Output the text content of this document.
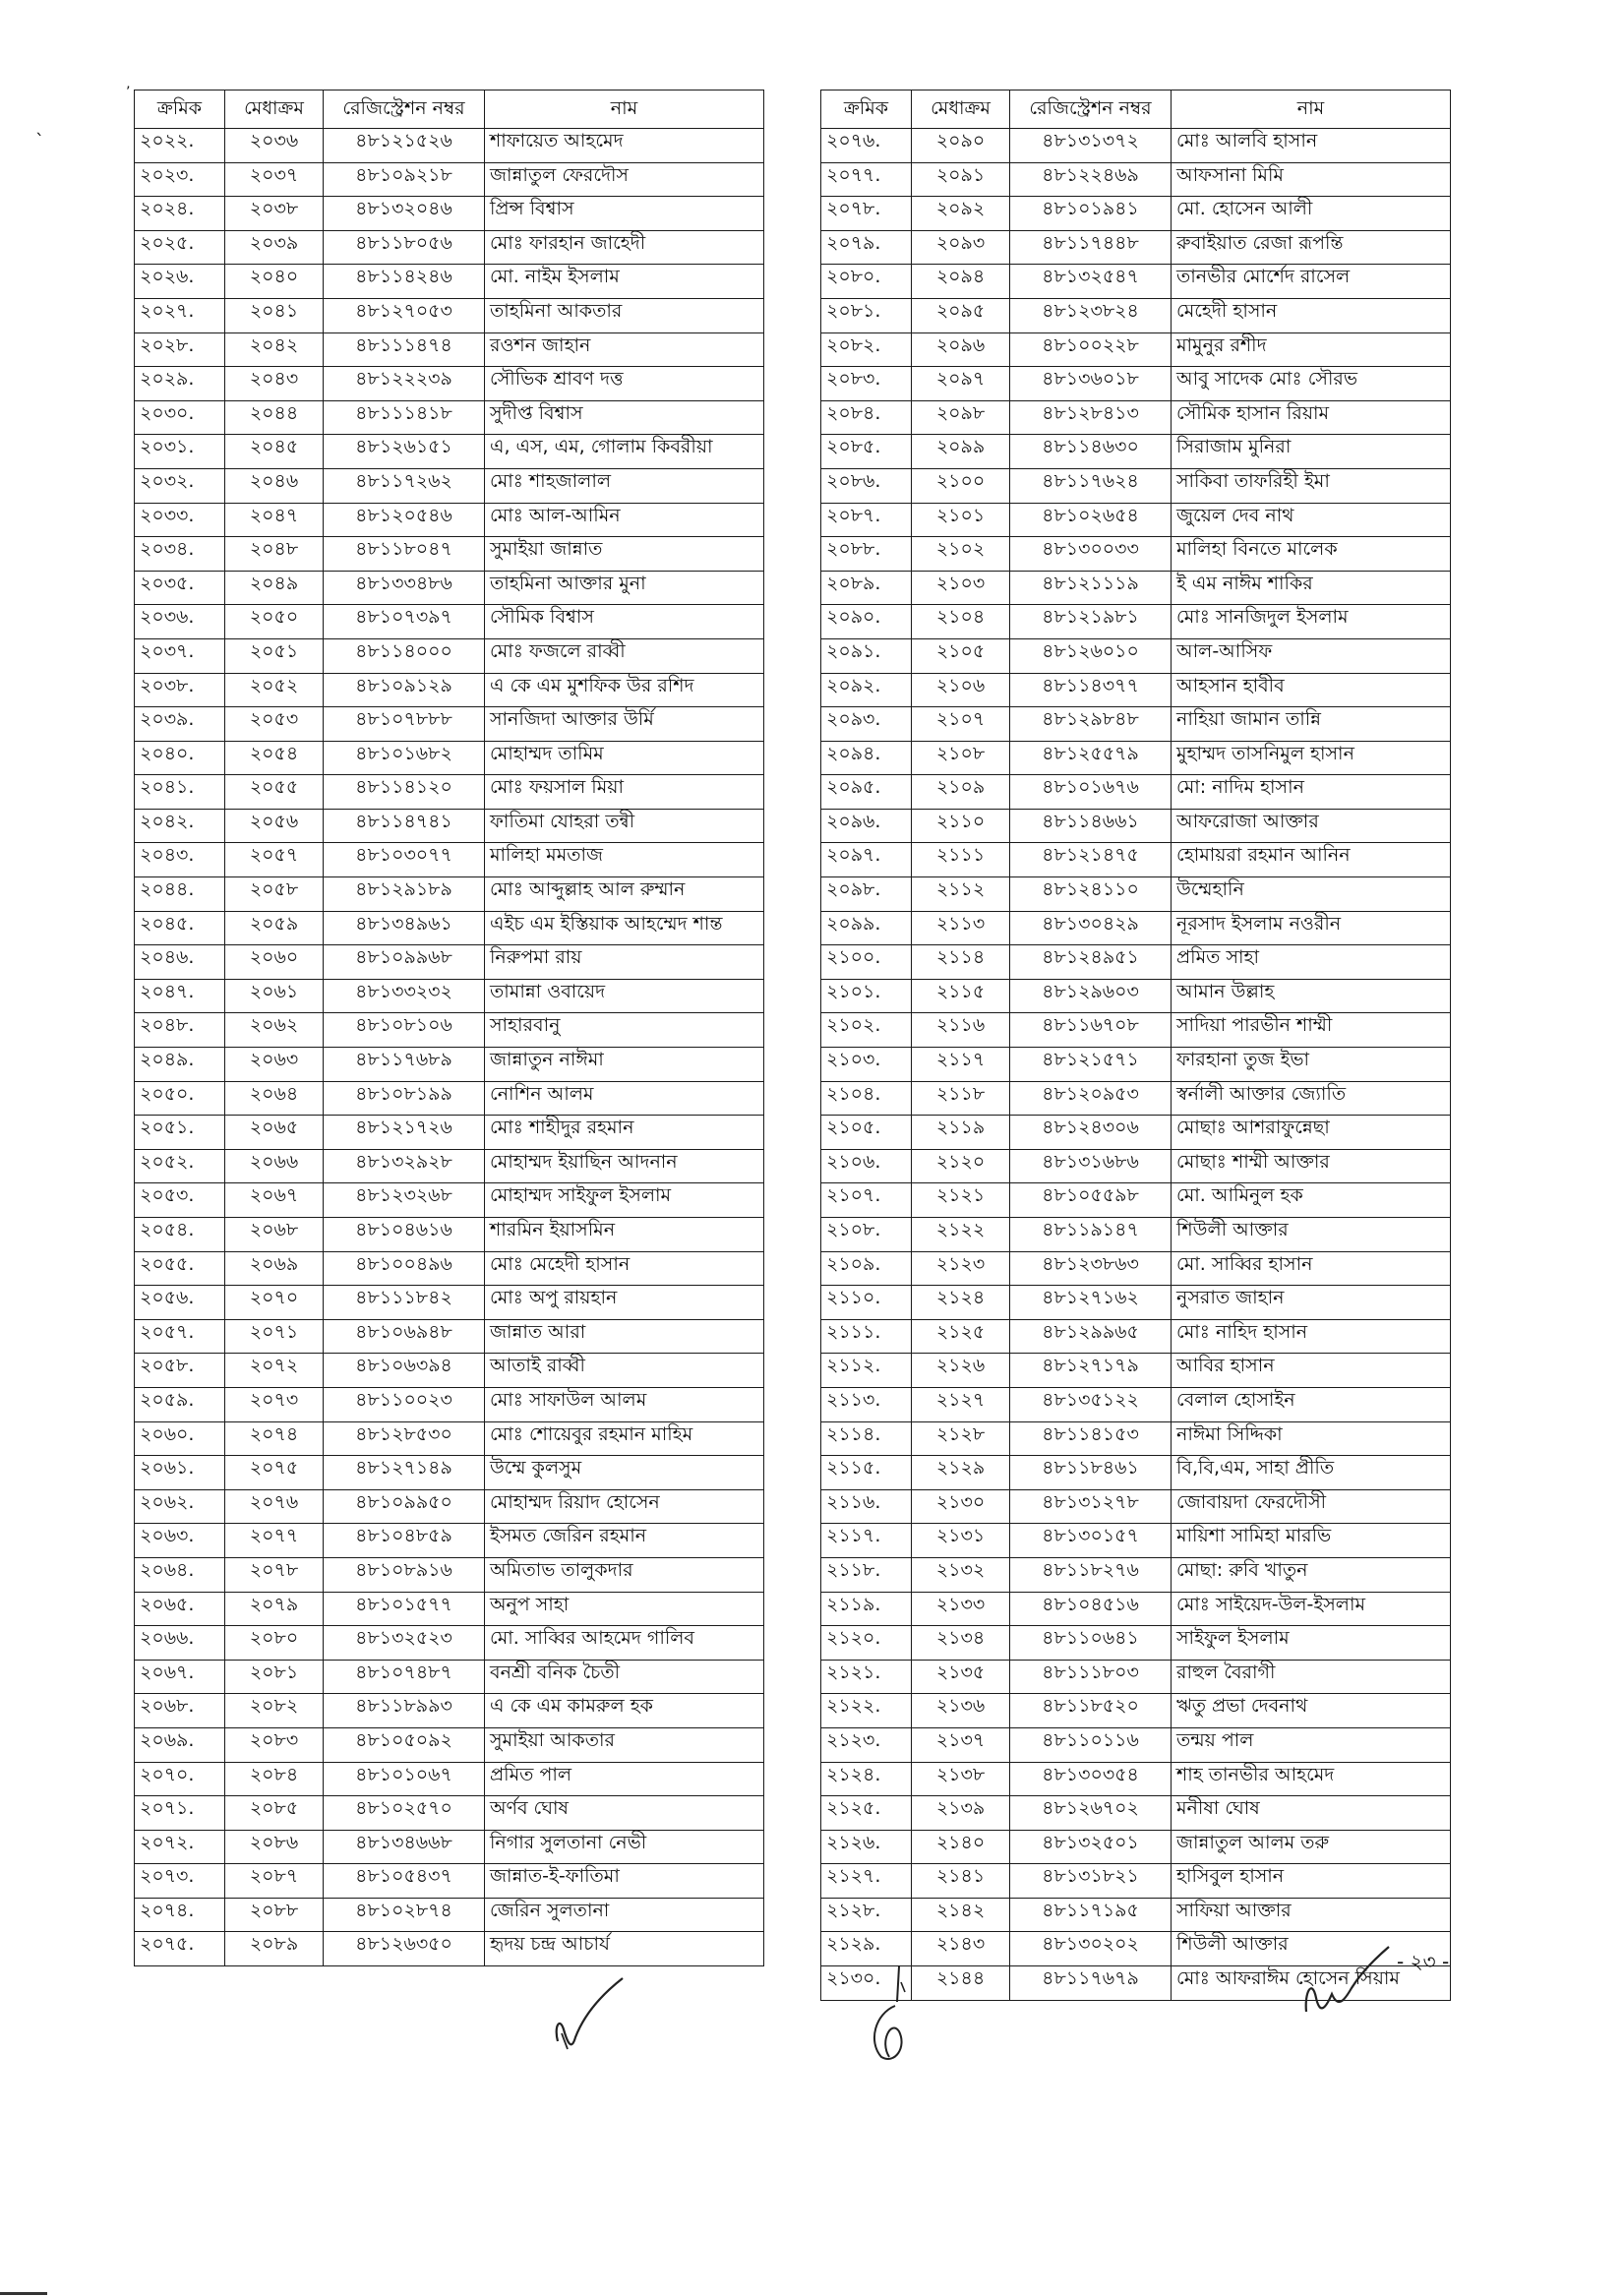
’
ˎ
ক্রমিক	মেধাক্রম	রেজিস্ট্রেশন নম্বর	নাম
২০২২.	২০৩৬	৪৮১২১৫২৬	শাফায়েত আহমেদ
২০২৩.	২০৩৭	৪৮১০৯২১৮	জান্নাতুল ফেরদৌস
২০২৪.	২০৩৮	৪৮১৩২০৪৬	প্রিন্স বিশ্বাস
২০২৫.	২০৩৯	৪৮১১৮০৫৬	মোঃ ফারহান জাহেদী
২০২৬.	২০৪০	৪৮১১৪২৪৬	মো. নাইম ইসলাম
২০২৭.	২০৪১	৪৮১২৭০৫৩	তাহমিনা আকতার
২০২৮.	২০৪২	৪৮১১১৪৭৪	রওশন জাহান
২০২৯.	২০৪৩	৪৮১২২২৩৯	সৌভিক শ্রাবণ দত্ত
২০৩০.	২০৪৪	৪৮১১১৪১৮	সুদীপ্ত বিশ্বাস
২০৩১.	২০৪৫	৪৮১২৬১৫১	এ, এস, এম, গোলাম কিবরীয়া
২০৩২.	২০৪৬	৪৮১১৭২৬২	মোঃ শাহজালাল
২০৩৩.	২০৪৭	৪৮১২০৫৪৬	মোঃ আল-আমিন
২০৩৪.	২০৪৮	৪৮১১৮০৪৭	সুমাইয়া জান্নাত
২০৩৫.	২০৪৯	৪৮১৩৩৪৮৬	তাহমিনা আক্তার মুনা
২০৩৬.	২০৫০	৪৮১০৭৩৯৭	সৌমিক বিশ্বাস
২০৩৭.	২০৫১	৪৮১১৪০০০	মোঃ ফজলে রাব্বী
২০৩৮.	২০৫২	৪৮১০৯১২৯	এ কে এম মুশফিক উর রশিদ
২০৩৯.	২০৫৩	৪৮১০৭৮৮৮	সানজিদা আক্তার উর্মি
২০৪০.	২০৫৪	৪৮১০১৬৮২	মোহাম্মদ তামিম
২০৪১.	২০৫৫	৪৮১১৪১২০	মোঃ ফয়সাল মিয়া
২০৪২.	২০৫৬	৪৮১১৪৭৪১	ফাতিমা যোহরা তন্বী
২০৪৩.	২০৫৭	৪৮১০৩০৭৭	মালিহা মমতাজ
২০৪৪.	২০৫৮	৪৮১২৯১৮৯	মোঃ আব্দুল্লাহ আল রুম্মান
২০৪৫.	২০৫৯	৪৮১৩৪৯৬১	এইচ এম ইস্তিয়াক আহম্মেদ শান্ত
২০৪৬.	২০৬০	৪৮১০৯৯৬৮	নিরুপমা রায়
২০৪৭.	২০৬১	৪৮১৩৩২৩২	তামান্না ওবায়েদ
২০৪৮.	২০৬২	৪৮১০৮১০৬	সাহারবানু
২০৪৯.	২০৬৩	৪৮১১৭৬৮৯	জান্নাতুন নাঈমা
২০৫০.	২০৬৪	৪৮১০৮১৯৯	নোশিন আলম
২০৫১.	২০৬৫	৪৮১২১৭২৬	মোঃ শাহীদুর রহমান
২০৫২.	২০৬৬	৪৮১৩২৯২৮	মোহাম্মদ ইয়াছিন আদনান
২০৫৩.	২০৬৭	৪৮১২৩২৬৮	মোহাম্মদ সাইফুল ইসলাম
২০৫৪.	২০৬৮	৪৮১০৪৬১৬	শারমিন ইয়াসমিন
২০৫৫.	২০৬৯	৪৮১০০৪৯৬	মোঃ মেহেদী হাসান
২০৫৬.	২০৭০	৪৮১১১৮৪২	মোঃ অপু রায়হান
২০৫৭.	২০৭১	৪৮১০৬৯৪৮	জান্নাত আরা
২০৫৮.	২০৭২	৪৮১০৬৩৯৪	আতাই রাব্বী
২০৫৯.	২০৭৩	৪৮১১০০২৩	মোঃ সাফাউল আলম
২০৬০.	২০৭৪	৪৮১২৮৫৩০	মোঃ শোয়েবুর রহমান মাহিম
২০৬১.	২০৭৫	৪৮১২৭১৪৯	উম্মে কুলসুম
২০৬২.	২০৭৬	৪৮১০৯৯৫০	মোহাম্মদ রিয়াদ হোসেন
২০৬৩.	২০৭৭	৪৮১০৪৮৫৯	ইসমত জেরিন রহমান
২০৬৪.	২০৭৮	৪৮১০৮৯১৬	অমিতাভ তালুকদার
২০৬৫.	২০৭৯	৪৮১০১৫৭৭	অনুপ সাহা
২০৬৬.	২০৮০	৪৮১৩২৫২৩	মো. সাব্বির আহমেদ গালিব
২০৬৭.	২০৮১	৪৮১০৭৪৮৭	বনশ্রী বনিক চৈতী
২০৬৮.	২০৮২	৪৮১১৮৯৯৩	এ কে এম কামরুল হক
২০৬৯.	২০৮৩	৪৮১০৫০৯২	সুমাইয়া আকতার
২০৭০.	২০৮৪	৪৮১০১০৬৭	প্রমিত পাল
২০৭১.	২০৮৫	৪৮১০২৫৭০	অর্ণব ঘোষ
২০৭২.	২০৮৬	৪৮১৩৪৬৬৮	নিগার সুলতানা নেভী
২০৭৩.	২০৮৭	৪৮১০৫৪৩৭	জান্নাত-ই-ফাতিমা
২০৭৪.	২০৮৮	৪৮১০২৮৭৪	জেরিন সুলতানা
২০৭৫.	২০৮৯	৪৮১২৬৩৫০	হৃদয় চন্দ্র আচার্য
ক্রমিক	মেধাক্রম	রেজিস্ট্রেশন নম্বর	নাম
২০৭৬.	২০৯০	৪৮১৩১৩৭২	মোঃ আলবি হাসান
২০৭৭.	২০৯১	৪৮১২২৪৬৯	আফসানা মিমি
২০৭৮.	২০৯২	৪৮১০১৯৪১	মো. হোসেন আলী
২০৭৯.	২০৯৩	৪৮১১৭৪৪৮	রুবাইয়াত রেজা রূপন্তি
২০৮০.	২০৯৪	৪৮১৩২৫৪৭	তানভীর মোর্শেদ রাসেল
২০৮১.	২০৯৫	৪৮১২৩৮২৪	মেহেদী হাসান
২০৮২.	২০৯৬	৪৮১০০২২৮	মামুনুর রশীদ
২০৮৩.	২০৯৭	৪৮১৩৬০১৮	আবু সাদেক মোঃ সৌরভ
২০৮৪.	২০৯৮	৪৮১২৮৪১৩	সৌমিক হাসান রিয়াম
২০৮৫.	২০৯৯	৪৮১১৪৬৩০	সিরাজাম মুনিরা
২০৮৬.	২১০০	৪৮১১৭৬২৪	সাকিবা তাফরিহী ইমা
২০৮৭.	২১০১	৪৮১০২৬৫৪	জুয়েল দেব নাথ
২০৮৮.	২১০২	৪৮১৩০০৩৩	মালিহা বিনতে মালেক
২০৮৯.	২১০৩	৪৮১২১১১৯	ই এম নাঈম শাকির
২০৯০.	২১০৪	৪৮১২১৯৮১	মোঃ সানজিদুল ইসলাম
২০৯১.	২১০৫	৪৮১২৬০১০	আল-আসিফ
২০৯২.	২১০৬	৪৮১১৪৩৭৭	আহসান হাবীব
২০৯৩.	২১০৭	৪৮১২৯৮৪৮	নাহিয়া জামান তান্নি
২০৯৪.	২১০৮	৪৮১২৫৫৭৯	মুহাম্মদ তাসনিমুল হাসান
২০৯৫.	২১০৯	৪৮১০১৬৭৬	মো: নাদিম হাসান
২০৯৬.	২১১০	৪৮১১৪৬৬১	আফরোজা আক্তার
২০৯৭.	২১১১	৪৮১২১৪৭৫	হোমায়রা রহমান আনিন
২০৯৮.	২১১২	৪৮১২৪১১০	উম্মেহানি
২০৯৯.	২১১৩	৪৮১৩০৪২৯	নূরসাদ ইসলাম নওরীন
২১০০.	২১১৪	৪৮১২৪৯৫১	প্রমিত সাহা
২১০১.	২১১৫	৪৮১২৯৬০৩	আমান উল্লাহ
২১০২.	২১১৬	৪৮১১৬৭০৮	সাদিয়া পারভীন শাম্মী
২১০৩.	২১১৭	৪৮১২১৫৭১	ফারহানা তুজ ইভা
২১০৪.	২১১৮	৪৮১২০৯৫৩	স্বর্নালী আক্তার জ্যোতি
২১০৫.	২১১৯	৪৮১২৪৩০৬	মোছাঃ আশরাফুন্নেছা
২১০৬.	২১২০	৪৮১৩১৬৮৬	মোছাঃ শাম্মী আক্তার
২১০৭.	২১২১	৪৮১০৫৫৯৮	মো. আমিনুল হক
২১০৮.	২১২২	৪৮১১৯১৪৭	শিউলী আক্তার
২১০৯.	২১২৩	৪৮১২৩৮৬৩	মো. সাব্বির হাসান
২১১০.	২১২৪	৪৮১২৭১৬২	নুসরাত জাহান
২১১১.	২১২৫	৪৮১২৯৯৬৫	মোঃ নাহিদ হাসান
২১১২.	২১২৬	৪৮১২৭১৭৯	আবির হাসান
২১১৩.	২১২৭	৪৮১৩৫১২২	বেলাল হোসাইন
২১১৪.	২১২৮	৪৮১১৪১৫৩	নাঈমা সিদ্দিকা
২১১৫.	২১২৯	৪৮১১৮৪৬১	বি,বি,এম, সাহা প্রীতি
২১১৬.	২১৩০	৪৮১৩১২৭৮	জোবায়দা ফেরদৌসী
২১১৭.	২১৩১	৪৮১৩০১৫৭	মায়িশা সামিহা মারভি
২১১৮.	২১৩২	৪৮১১৮২৭৬	মোছা: রুবি খাতুন
২১১৯.	২১৩৩	৪৮১০৪৫১৬	মোঃ সাইয়েদ-উল-ইসলাম
২১২০.	২১৩৪	৪৮১১০৬৪১	সাইফুল ইসলাম
২১২১.	২১৩৫	৪৮১১১৮০৩	রাহুল বৈরাগী
২১২২.	২১৩৬	৪৮১১৮৫২০	ঋতু প্রভা দেবনাথ
২১২৩.	২১৩৭	৪৮১১০১১৬	তন্ময় পাল
২১২৪.	২১৩৮	৪৮১৩০৩৫৪	শাহ তানভীর আহমেদ
২১২৫.	২১৩৯	৪৮১২৬৭০২	মনীষা ঘোষ
২১২৬.	২১৪০	৪৮১৩২৫০১	জান্নাতুল আলম তরু
২১২৭.	২১৪১	৪৮১৩১৮২১	হাসিবুল হাসান
২১২৮.	২১৪২	৪৮১১৭১৯৫	সাফিয়া আক্তার
২১২৯.	২১৪৩	৪৮১৩০২০২	শিউলী আক্তার
২১৩০.	২১৪৪	৪৮১১৭৬৭৯	মোঃ আফরাঈম হোসেন সিয়াম
- ২৩ -
